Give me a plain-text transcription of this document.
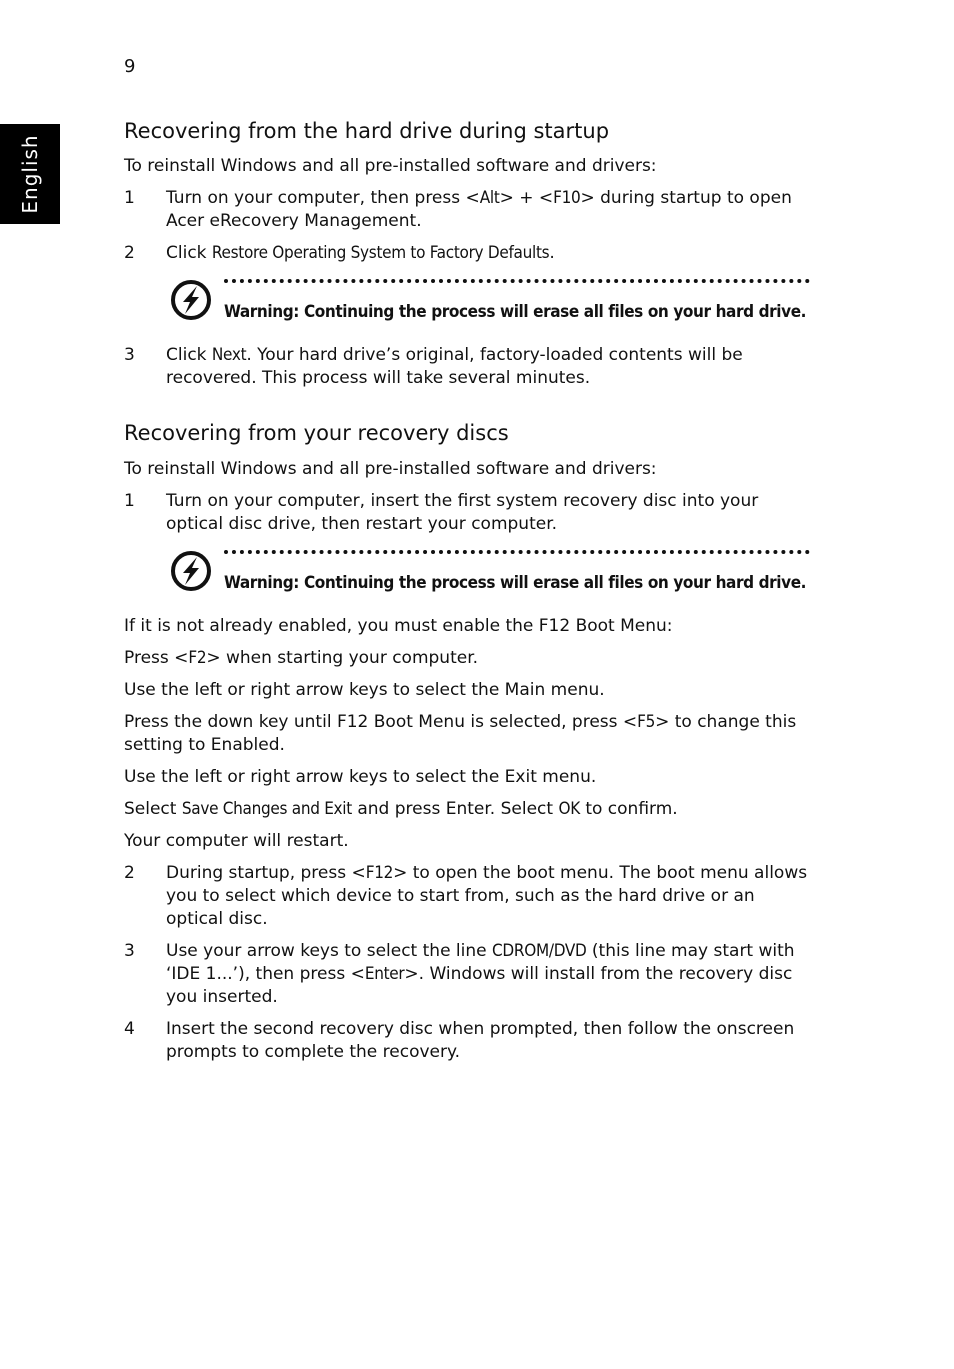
9
English
Recovering from the hard drive during startup

To reinstall Windows and all pre-installed software and drivers:

1	Turn on your computer, then press <Alt> + <F10> during startup to open Acer eRecovery Management.
2	Click Restore Operating System to Factory Defaults.
Warning: Continuing the process will erase all files on your hard drive.
3	Click Next. Your hard drive’s original, factory-loaded contents will be recovered. This process will take several minutes.
Recovering from your recovery discs

To reinstall Windows and all pre-installed software and drivers:

1	Turn on your computer, insert the first system recovery disc into your optical disc drive, then restart your computer.
Warning: Continuing the process will erase all files on your hard drive.

If it is not already enabled, you must enable the F12 Boot Menu:

Press <F2> when starting your computer.

Use the left or right arrow keys to select the Main menu.

Press the down key until F12 Boot Menu is selected, press <F5> to change this setting to Enabled.

Use the left or right arrow keys to select the Exit menu.

Select Save Changes and Exit and press Enter. Select OK to confirm.

Your computer will restart.

2	During startup, press <F12> to open the boot menu. The boot menu allows you to select which device to start from, such as the hard drive or an optical disc.
3	Use your arrow keys to select the line CDROM/DVD (this line may start with ‘IDE 1...’), then press <Enter>. Windows will install from the recovery disc you inserted.
4	Insert the second recovery disc when prompted, then follow the onscreen prompts to complete the recovery.
